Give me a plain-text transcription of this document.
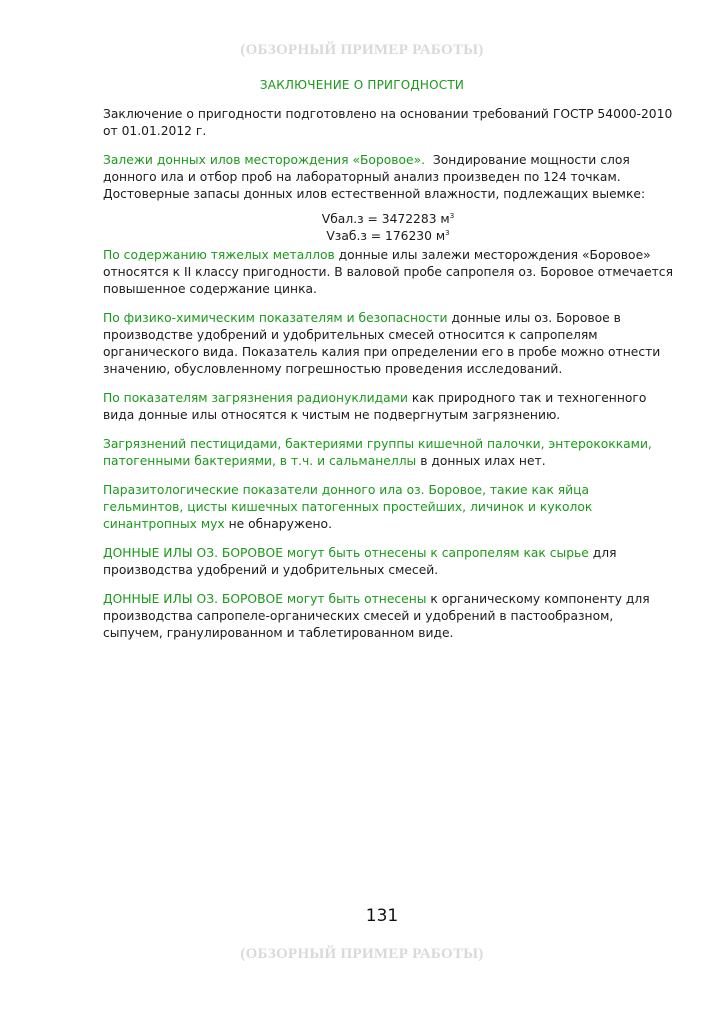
(ОБЗОРНЫЙ ПРИМЕР РАБОТЫ)
ЗАКЛЮЧЕНИЕ О ПРИГОДНОСТИ

Заключение о пригодности подготовлено на основании требований ГОСТР 54000-2010 от 01.01.2012 г.

Залежи донных илов месторождения «Боровое».  Зондирование мощности слоя донного ила и отбор проб на лабораторный анализ произведен по 124 точкам. Достоверные запасы донных илов естественной влажности, подлежащих выемке:

Vбал.з = 3472283 $м^3$
Vзаб.з = 176230 $м^3$

По содержанию тяжелых металлов донные илы залежи месторождения «Боровое» относятся к II классу пригодности. В валовой пробе сапропеля оз. Боровое отмечается повышенное содержание цинка.

По физико-химическим показателям и безопасности донные илы оз. Боровое в производстве удобрений и удобрительных смесей относится к сапропелям органического вида. Показатель калия при определении его в пробе можно отнести значению, обусловленному погрешностью проведения исследований.

По показателям загрязнения радионуклидами как природного так и техногенного вида донные илы относятся к чистым не подвергнутым загрязнению.

Загрязнений пестицидами, бактериями группы кишечной палочки, энтерококками, патогенными бактериями, в т.ч. и сальманеллы в донных илах нет.

Паразитологические показатели донного ила оз. Боровое, такие как яйца гельминтов, цисты кишечных патогенных простейших, личинок и куколок синантропных мух не обнаружено.

ДОННЫЕ ИЛЫ ОЗ. БОРОВОЕ могут быть отнесены к сапропелям как сырье для производства удобрений и удобрительных смесей.

ДОННЫЕ ИЛЫ ОЗ. БОРОВОЕ могут быть отнесены к органическому компоненту для производства сапропеле-органических смесей и удобрений в пастообразном, сыпучем, гранулированном и таблетированном виде.

131
(ОБЗОРНЫЙ ПРИМЕР РАБОТЫ)
